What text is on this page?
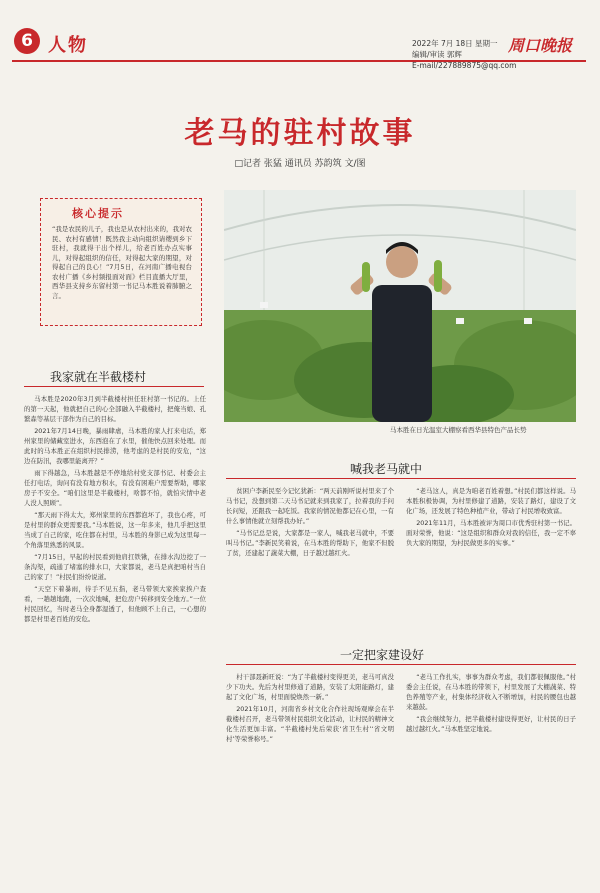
6 人物	2022年 7月 18日 星期一
编辑/审读 郭辉
E-mail/227889875@qq.com
周口晚报
老马的驻村故事
□记者 张猛 通讯员 苏韵筑 文/图
核心提示
“我是农民的儿子，我也是从农村出来的，我对农民、农村有感情！既然我主动向组织请缨到乡下驻村，我就得干出个样儿，给老百姓办点实事儿，对得起组织的信任，对得起大家的期望，对得起自己的良心！”7月5日，在河南广播电视台农村广播《乡村频报面对面》栏目直播大厅里，西华县支持乡东留村第一书记马本胜说着肺腑之言。
马本胜在日光温室大棚察看西华县特色产品长势
我家就在半截楼村

马本胜是2020年3月到半截楼村担任驻村第一书记的。上任的第一天起，他就把自己的心全部融入半截楼村，把俺当娘、孔繁森等基层干部作为自己的目标。

2021年7月14日晚，暴雨肆虐，马本胜的家人打来电话，郑州家里的储藏室进水，东西泡在了水里，催他快点回来处理。而此时的马本胜正在组织村民排涝，他考虑的是村民的安危，“这边在防汛，我哪里能离开？”

雨下得越急，马本胜越是不停地给村党支部书记、村委会主任打电话，询问有没有地方积水，有没有困难户需要帮助，哪家房子不安全。“咱们这里是半截楼村，啥都不怕，就怕灾情中老人没人照顾”。

“那天雨下得太大，郑州家里的东西都泡坏了，我也心疼，可是村里的群众更需要我。”马本胜说，这一年多来，他几乎把这里当成了自己的家，吃住都在村里，马本胜的身影已成为这里每一个角落里熟悉的风景。

“7月15日，早起的村民看到他肩扛铁锹，在排水沟边挖了一条沟渠，疏通了堵塞的排水口，大家都说，老马是真把咱村当自己的家了！”村民们纷纷说道。

“天空下着暴雨，待手不见五指，老马带领大家挨家挨户查看，一趟趟地跑，一次次地喊，把危房户转移到安全地方。”一位村民回忆，当时老马全身都湿透了，但他顾不上自己，一心想的都是村里老百姓的安危。

喊我老马就中

贫困户李新民至今记忆犹新：“两天前刚听说村里来了个马书记，没想到第二天马书记就来到我家了，拉着我的手问长问短，还跟我一起吃饭。我家的情况他都记在心里，一有什么事情他就立刻帮我办好。”

“马书记总是说，大家都是一家人，喊我老马就中，不要叫马书记。”李新民笑着说，在马本胜的帮助下，他家不但脱了贫，还建起了蔬菜大棚，日子越过越红火。

“老马这人，真是为咱老百姓着想。”村民们都这样说。马本胜积极协调，为村里修建了道路，安装了路灯，建设了文化广场，还发展了特色种植产业，带动了村民增收致富。

2021年11月，马本胜被评为周口市优秀驻村第一书记。面对荣誉，他说：“这是组织和群众对我的信任，我一定不辜负大家的期望，为村民做更多的实事。”

一定把家建设好

村干部聂新旺说：“为了半截楼村变得更美，老马可真没少下功夫。先后为村里修通了道路，安装了太阳能路灯，建起了文化广场，村里面貌焕然一新。”

2021年10月，河南省乡村文化合作社现场观摩会在半截楼村召开，老马带领村民组织文化活动，让村民的精神文化生活更加丰富。“半截楼村先后荣获‘省卫生村’‘省文明村’等荣誉称号。”

“老马工作扎实，事事为群众考虑，我们都很佩服他。”村委会主任说，在马本胜的带领下，村里发展了大棚蔬菜、特色养殖等产业，村集体经济收入不断增加，村民的腰包也越来越鼓。

“我会继续努力，把半截楼村建设得更好，让村民的日子越过越红火。”马本胜坚定地说。
